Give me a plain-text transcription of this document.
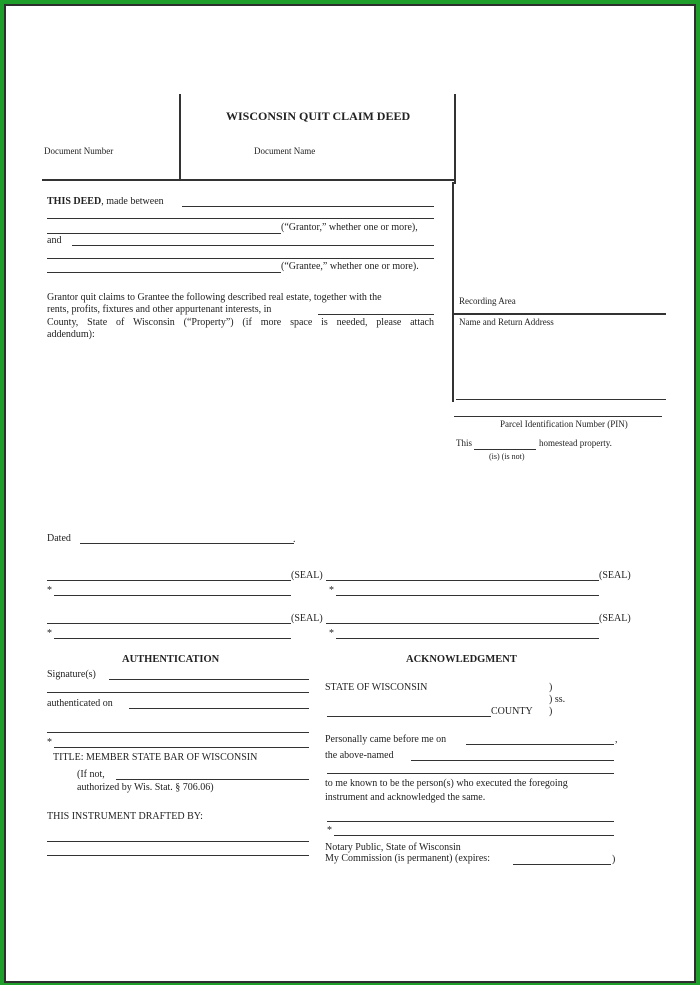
WISCONSIN QUIT CLAIM DEED
Document Number	Document Name
Recording Area
Name and Return Address
Parcel Identification Number (PIN)
This	homestead property.
(is) (is not)
THIS DEED, made between
(“Grantor,” whether one or more),
and
(“Grantee,” whether one or more).
Grantor quit claims to Grantee the following described real estate, together with the
rents, profits, fixtures and other appurtenant interests, in
County, State of Wisconsin (“Property”) (if more space is needed, please attach
addendum):
Dated	.
(SEAL)	(SEAL)
*	*
(SEAL)	(SEAL)
*	*
AUTHENTICATION
Signature(s)
authenticated on
*
TITLE: MEMBER STATE BAR OF WISCONSIN
(If not,
authorized by Wis. Stat. § 706.06)
THIS INSTRUMENT DRAFTED BY:
ACKNOWLEDGMENT
STATE OF WISCONSIN	)
) ss.
)
COUNTY
Personally came before me on	,
the above-named
to me known to be the person(s) who executed the foregoing
instrument and acknowledged the same.
*
Notary Public, State of Wisconsin
My Commission (is permanent) (expires:	)
